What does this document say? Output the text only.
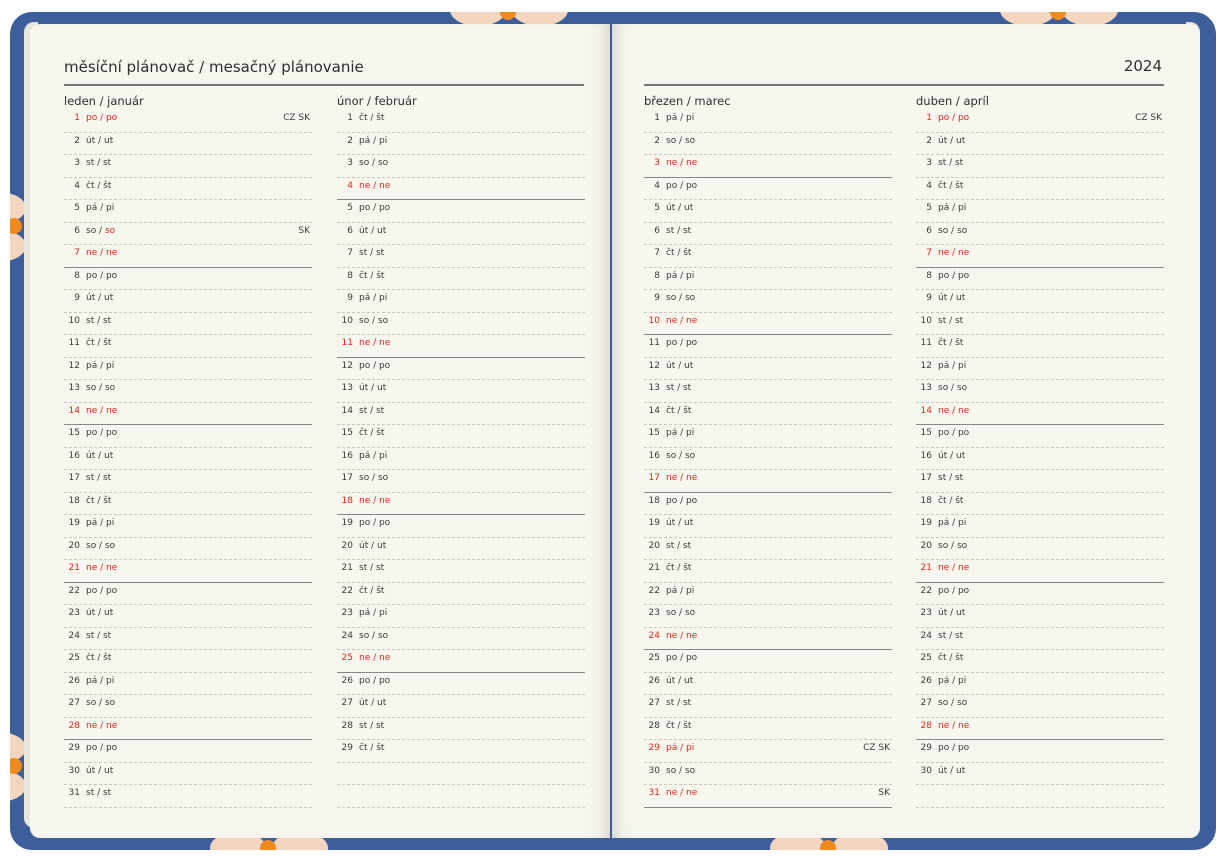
měsíční plánovač / mesačný plánovanie	2024
leden / január
1 po / po	CZ SK
2 út / ut
3 st / st
4 čt / št
5 pá / pi
6 so / so	SK
7 ne / ne
8 po / po
9 út / ut
10 st / st
11 čt / št
12 pá / pi
13 so / so
14 ne / ne
15 po / po
16 út / ut
17 st / st
18 čt / št
19 pá / pi
20 so / so
21 ne / ne
22 po / po
23 út / ut
24 st / st
25 čt / št
26 pá / pi
27 so / so
28 ne / ne
29 po / po
30 út / ut
31 st / st
únor / február
1 čt / št
2 pá / pi
3 so / so
4 ne / ne
5 po / po
6 út / ut
7 st / st
8 čt / št
9 pá / pi
10 so / so
11 ne / ne
12 po / po
13 út / ut
14 st / st
15 čt / št
16 pá / pi
17 so / so
18 ne / ne
19 po / po
20 út / ut
21 st / st
22 čt / št
23 pá / pi
24 so / so
25 ne / ne
26 po / po
27 út / ut
28 st / st
29 čt / št
březen / marec
1 pá / pi
2 so / so
3 ne / ne
4 po / po
5 út / ut
6 st / st
7 čt / št
8 pá / pi
9 so / so
10 ne / ne
11 po / po
12 út / ut
13 st / st
14 čt / št
15 pá / pi
16 so / so
17 ne / ne
18 po / po
19 út / ut
20 st / st
21 čt / št
22 pá / pi
23 so / so
24 ne / ne
25 po / po
26 út / ut
27 st / st
28 čt / št
29 pá / pi	CZ SK
30 so / so
31 ne / ne	SK
duben / apríl
1 po / po	CZ SK
2 út / ut
3 st / st
4 čt / št
5 pá / pi
6 so / so
7 ne / ne
8 po / po
9 út / ut
10 st / st
11 čt / št
12 pá / pi
13 so / so
14 ne / ne
15 po / po
16 út / ut
17 st / st
18 čt / št
19 pá / pi
20 so / so
21 ne / ne
22 po / po
23 út / ut
24 st / st
25 čt / št
26 pá / pi
27 so / so
28 ne / ne
29 po / po
30 út / ut
